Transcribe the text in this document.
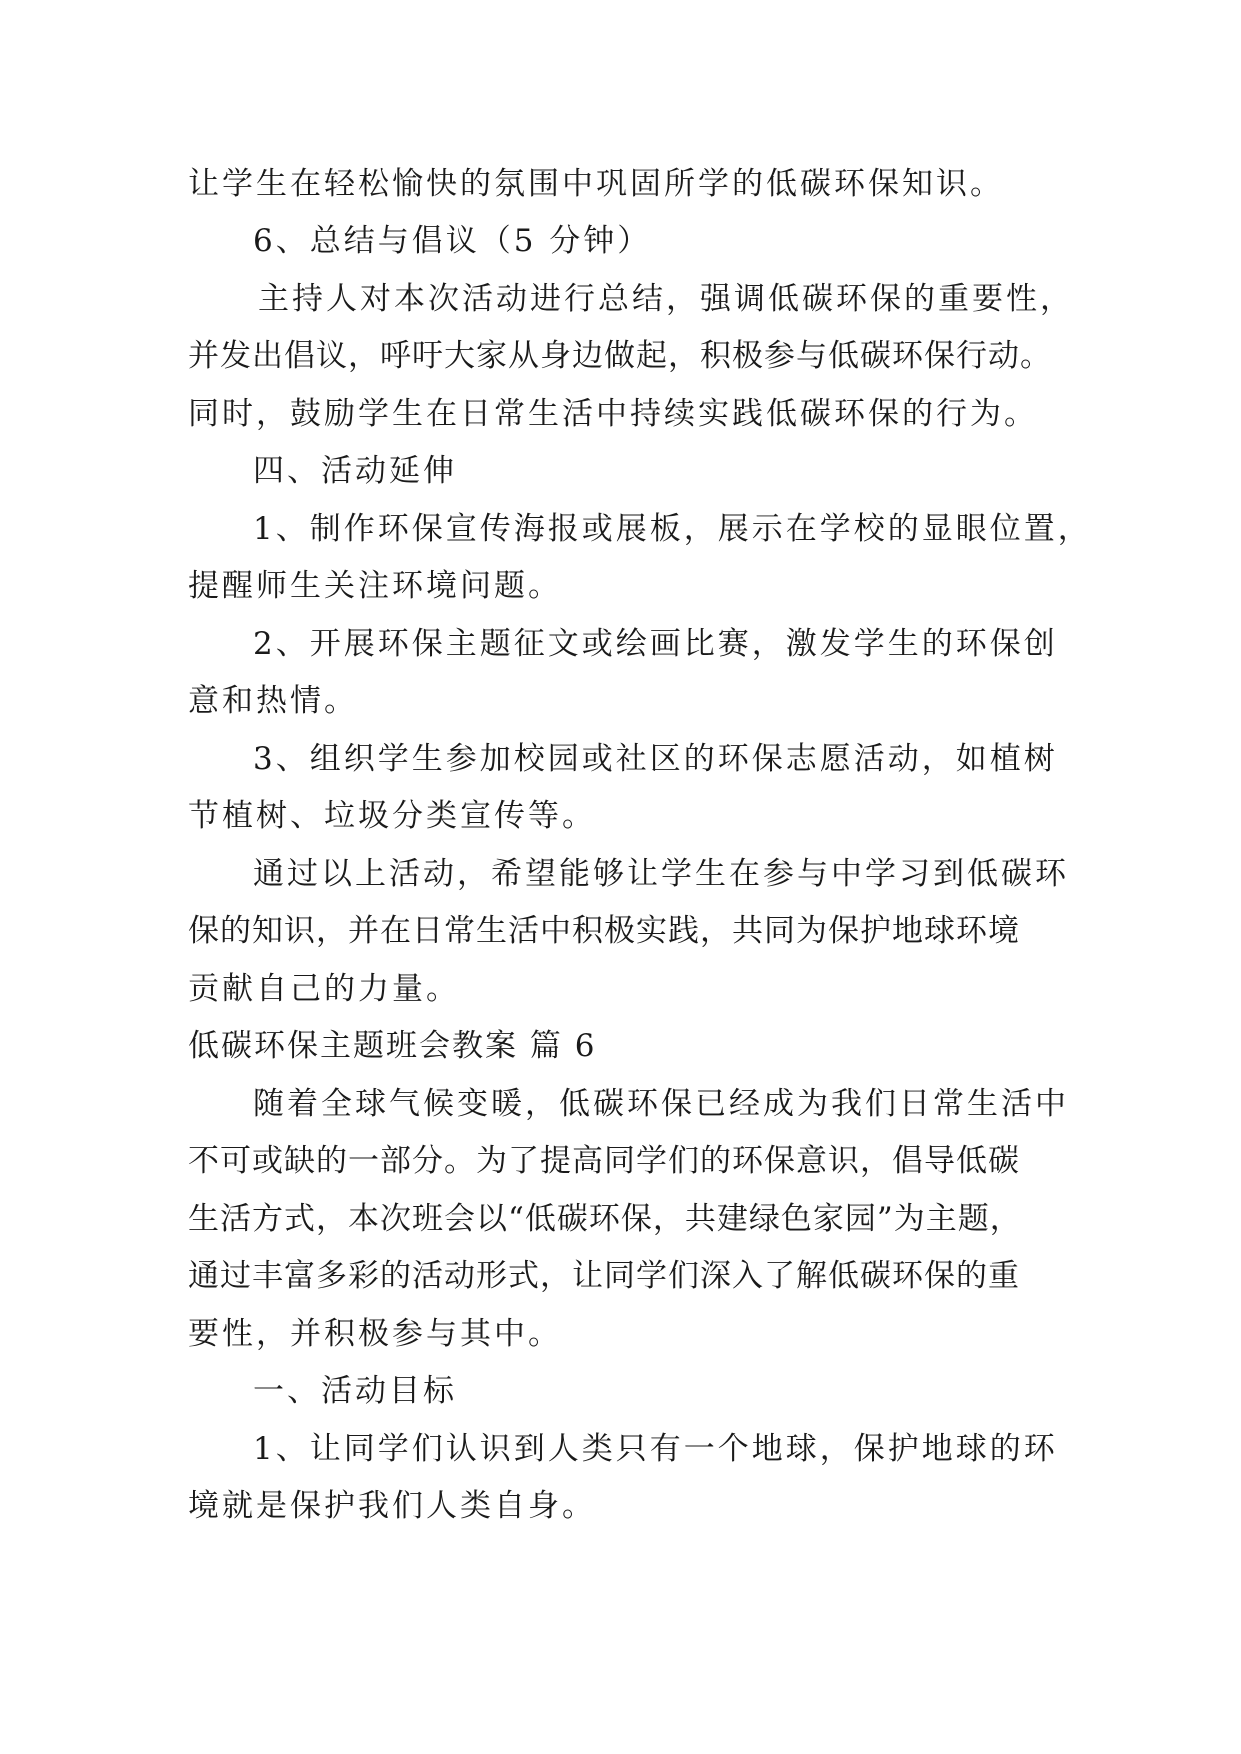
让学生在轻松愉快的氛围中巩固所学的低碳环保知识。
6、总结与倡议（5 分钟）
主持人对本次活动进行总结，强调低碳环保的重要性，
并发出倡议，呼吁大家从身边做起，积极参与低碳环保行动。
同时，鼓励学生在日常生活中持续实践低碳环保的行为。
四、活动延伸
1、制作环保宣传海报或展板，展示在学校的显眼位置，
提醒师生关注环境问题。
2、开展环保主题征文或绘画比赛，激发学生的环保创
意和热情。
3、组织学生参加校园或社区的环保志愿活动，如植树
节植树、垃圾分类宣传等。
通过以上活动，希望能够让学生在参与中学习到低碳环
保的知识，并在日常生活中积极实践，共同为保护地球环境
贡献自己的力量。
低碳环保主题班会教案 篇 6
随着全球气候变暖，低碳环保已经成为我们日常生活中
不可或缺的一部分。为了提高同学们的环保意识，倡导低碳
生活方式，本次班会以“低碳环保，共建绿色家园”为主题，
通过丰富多彩的活动形式，让同学们深入了解低碳环保的重
要性，并积极参与其中。
一、活动目标
1、让同学们认识到人类只有一个地球，保护地球的环
境就是保护我们人类自身。
